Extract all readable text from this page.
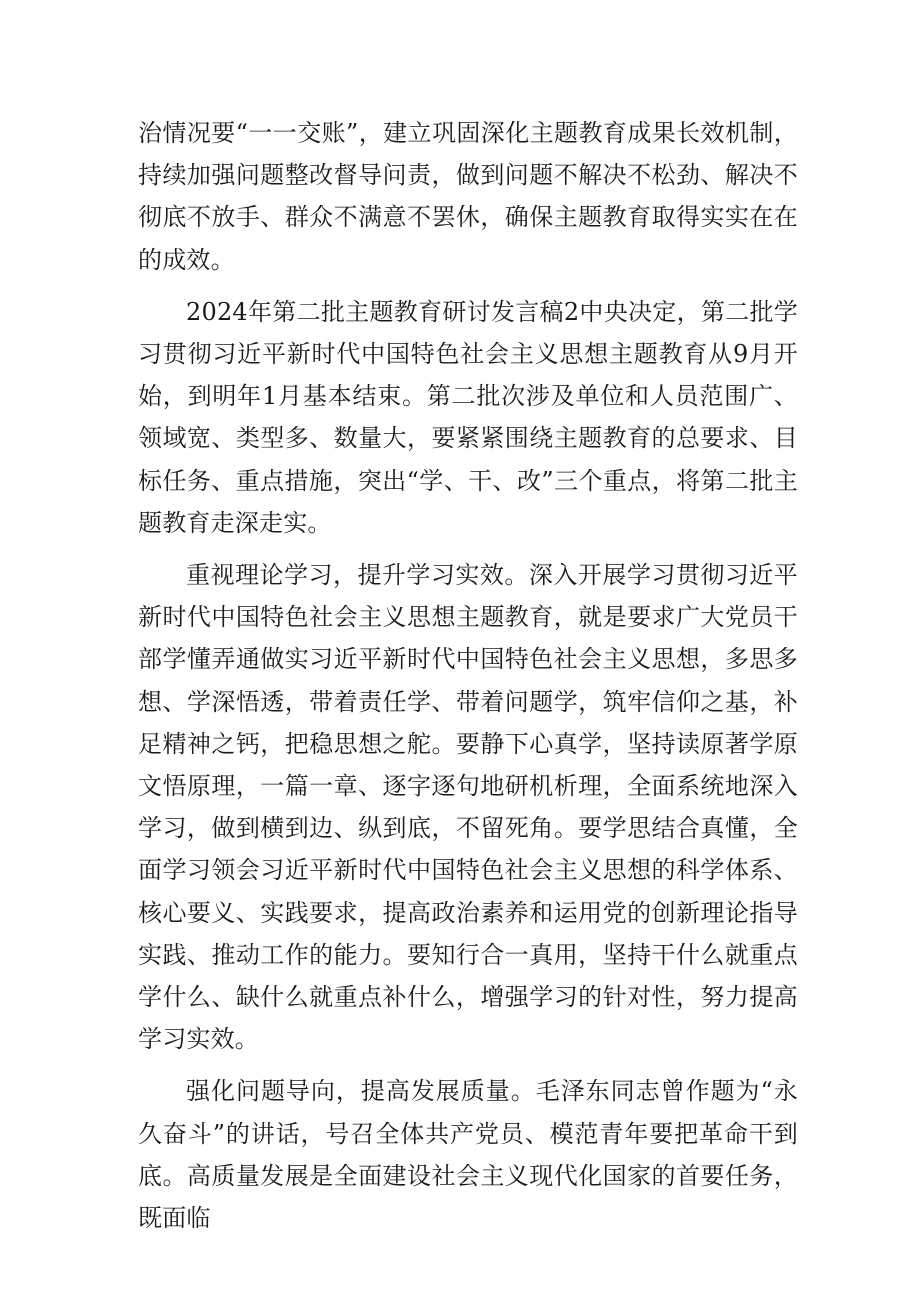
治情况要“一一交账”，建立巩固深化主题教育成果长效机制，持续加强问题整改督导问责，做到问题不解决不松劲、解决不彻底不放手、群众不满意不罢休，确保主题教育取得实实在在的成效。

2024年第二批主题教育研讨发言稿2中央决定，第二批学习贯彻习近平新时代中国特色社会主义思想主题教育从9月开始，到明年1月基本结束。第二批次涉及单位和人员范围广、领域宽、类型多、数量大，要紧紧围绕主题教育的总要求、目标任务、重点措施，突出“学、干、改”三个重点，将第二批主题教育走深走实。

重视理论学习，提升学习实效。深入开展学习贯彻习近平新时代中国特色社会主义思想主题教育，就是要求广大党员干部学懂弄通做实习近平新时代中国特色社会主义思想，多思多想、学深悟透，带着责任学、带着问题学，筑牢信仰之基，补足精神之钙，把稳思想之舵。要静下心真学，坚持读原著学原文悟原理，一篇一章、逐字逐句地研机析理，全面系统地深入学习，做到横到边、纵到底，不留死角。要学思结合真懂，全面学习领会习近平新时代中国特色社会主义思想的科学体系、核心要义、实践要求，提高政治素养和运用党的创新理论指导实践、推动工作的能力。要知行合一真用，坚持干什么就重点学什么、缺什么就重点补什么，增强学习的针对性，努力提高学习实效。

强化问题导向，提高发展质量。毛泽东同志曾作题为“永久奋斗”的讲话，号召全体共产党员、模范青年要把革命干到底。高质量发展是全面建设社会主义现代化国家的首要任务，既面临
